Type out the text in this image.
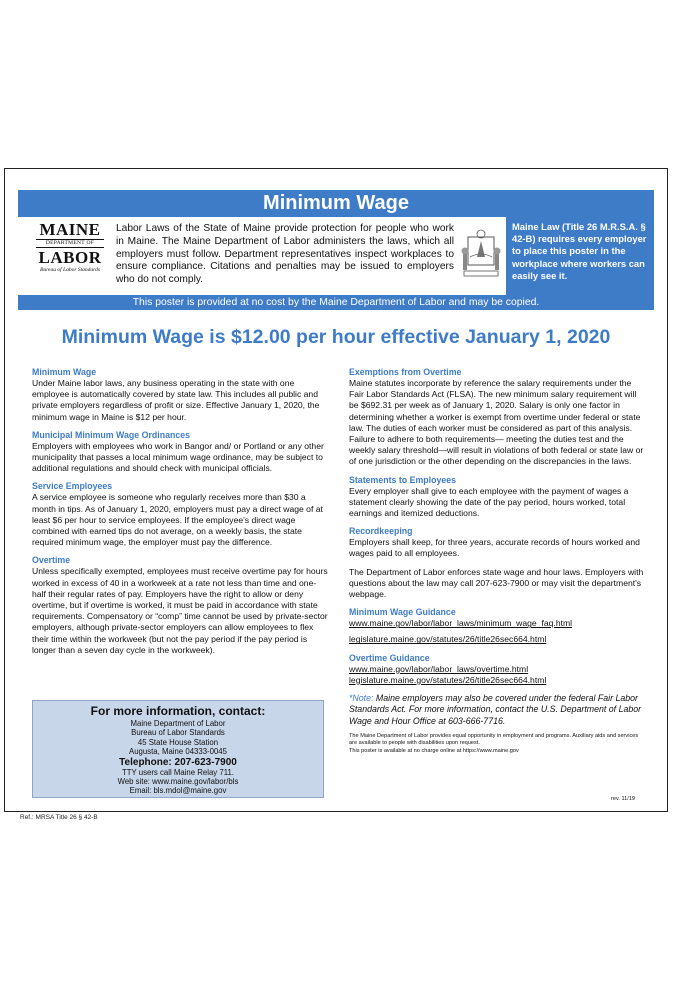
Minimum Wage
MAINE
DEPARTMENT OF
LABOR
Bureau of Labor Standards
Labor Laws of the State of Maine provide protection for people who work in Maine. The Maine Department of Labor administers the laws, which all employers must follow. Department representatives inspect workplaces to ensure compliance. Citations and penalties may be issued to employers who do not comply.
Maine Law (Title 26 M.R.S.A. § 42-B) requires every employer to place this poster in the workplace where workers can easily see it.
This poster is provided at no cost by the Maine Department of Labor and may be copied.
Minimum Wage is $12.00 per hour effective January 1, 2020

Minimum Wage

Under Maine labor laws, any business operating in the state with one employee is automatically covered by state law. This includes all public and private employers regardless of profit or size. Effective January 1, 2020, the minimum wage in Maine is $12 per hour.

Municipal Minimum Wage Ordinances

Employers with employees who work in Bangor and/ or Portland or any other municipality that passes a local minimum wage ordinance, may be subject to additional regulations and should check with municipal officials.

Service Employees

A service employee is someone who regularly receives more than $30 a month in tips. As of January 1, 2020, employers must pay a direct wage of at least $6 per hour to service employees. If the employee's direct wage combined with earned tips do not average, on a weekly basis, the state required minimum wage, the employer must pay the difference.

Overtime

Unless specifically exempted, employees must receive overtime pay for hours worked in excess of 40 in a workweek at a rate not less than time and one-half their regular rates of pay. Employers have the right to allow or deny overtime, but if overtime is worked, it must be paid in accordance with state requirements. Compensatory or “comp” time cannot be used by private-sector employers, although private-sector employers can allow employees to flex their time within the workweek (but not the pay period if the pay period is longer than a seven day cycle in the workweek).

For more information, contact:
Maine Department of Labor
Bureau of Labor Standards
45 State House Station
Augusta, Maine 04333-0045
Telephone: 207-623-7900
TTY users call Maine Relay 711.
Web site: www.maine.gov/labor/bls
Email: bls.mdol@maine.gov

Exemptions from Overtime

Maine statutes incorporate by reference the salary requirements under the Fair Labor Standards Act (FLSA). The new minimum salary requirement will be $692.31 per week as of January 1, 2020. Salary is only one factor in determining whether a worker is exempt from overtime under federal or state law. The duties of each worker must be considered as part of this analysis. Failure to adhere to both requirements— meeting the duties test and the weekly salary threshold—will result in violations of both federal or state law or of one jurisdiction or the other depending on the discrepancies in the laws.

Statements to Employees

Every employer shall give to each employee with the payment of wages a statement clearly showing the date of the pay period, hours worked, total earnings and itemized deductions.

Recordkeeping

Employers shall keep, for three years, accurate records of hours worked and wages paid to all employees.

The Department of Labor enforces state wage and hour laws. Employers with questions about the law may call 207-623-7900 or may visit the department's webpage.

Minimum Wage Guidance

www.maine.gov/labor/labor_laws/minimum_wage_faq.html
legislature.maine.gov/statutes/26/title26sec664.html

Overtime Guidance

www.maine.gov/labor/labor_laws/overtime.html
legislature.maine.gov/statutes/26/title26sec664.html

*Note: Maine employers may also be covered under the federal Fair Labor Standards Act. For more information, contact the U.S. Department of Labor Wage and Hour Office at 603-666-7716.

The Maine Department of Labor provides equal opportunity in employment and programs. Auxiliary aids and services are available to people with disabilities upon request.

This poster is available at no charge online at https://www.maine.gov

rev. 11/19
Ref.: MRSA Title 26 § 42-B
